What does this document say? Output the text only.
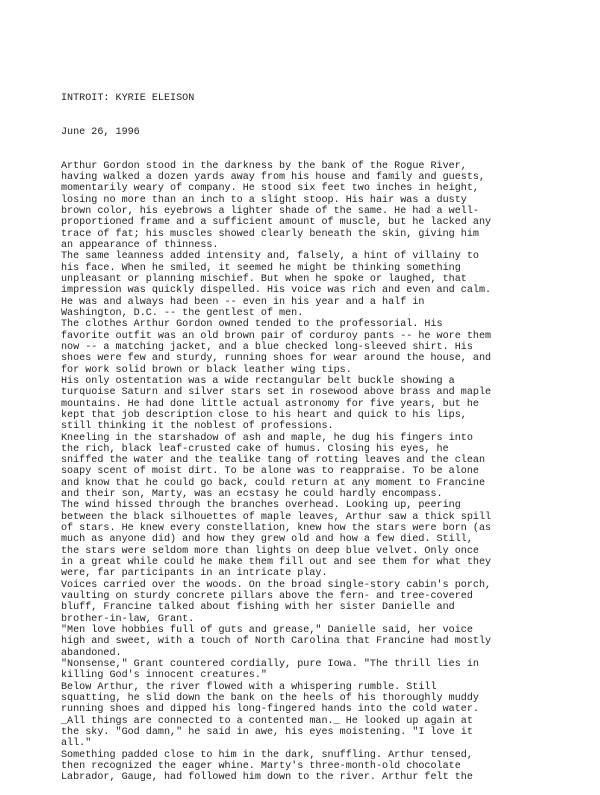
INTROIT: KYRIE ELEISON

June 26, 1996

Arthur Gordon stood in the darkness by the bank of the Rogue River,
having walked a dozen yards away from his house and family and guests,
momentarily weary of company. He stood six feet two inches in height,
losing no more than an inch to a slight stoop. His hair was a dusty
brown color, his eyebrows a lighter shade of the same. He had a well-
proportioned frame and a sufficient amount of muscle, but he lacked any
trace of fat; his muscles showed clearly beneath the skin, giving him
an appearance of thinness.
The same leanness added intensity and, falsely, a hint of villainy to
his face. When he smiled, it seemed he might be thinking something
unpleasant or planning mischief. But when he spoke or laughed, that
impression was quickly dispelled. His voice was rich and even and calm.
He was and always had been -- even in his year and a half in
Washington, D.C. -- the gentlest of men.
The clothes Arthur Gordon owned tended to the professorial. His
favorite outfit was an old brown pair of corduroy pants -- he wore them
now -- a matching jacket, and a blue checked long-sleeved shirt. His
shoes were few and sturdy, running shoes for wear around the house, and
for work solid brown or black leather wing tips.
His only ostentation was a wide rectangular belt buckle showing a
turquoise Saturn and silver stars set in rosewood above brass and maple
mountains. He had done little actual astronomy for five years, but he
kept that job description close to his heart and quick to his lips,
still thinking it the noblest of professions.
Kneeling in the starshadow of ash and maple, he dug his fingers into
the rich, black leaf-crusted cake of humus. Closing his eyes, he
sniffed the water and the tealike tang of rotting leaves and the clean
soapy scent of moist dirt. To be alone was to reappraise. To be alone
and know that he could go back, could return at any moment to Francine
and their son, Marty, was an ecstasy he could hardly encompass.
The wind hissed through the branches overhead. Looking up, peering
between the black silhouettes of maple leaves, Arthur saw a thick spill
of stars. He knew every constellation, knew how the stars were born (as
much as anyone did) and how they grew old and how a few died. Still,
the stars were seldom more than lights on deep blue velvet. Only once
in a great while could he make them fill out and see them for what they
were, far participants in an intricate play.
Voices carried over the woods. On the broad single-story cabin's porch,
vaulting on sturdy concrete pillars above the fern- and tree-covered
bluff, Francine talked about fishing with her sister Danielle and
brother-in-law, Grant.
"Men love hobbies full of guts and grease," Danielle said, her voice
high and sweet, with a touch of North Carolina that Francine had mostly
abandoned.
"Nonsense," Grant countered cordially, pure Iowa. "The thrill lies in
killing God's innocent creatures."
Below Arthur, the river flowed with a whispering rumble. Still
squatting, he slid down the bank on the heels of his thoroughly muddy
running shoes and dipped his long-fingered hands into the cold water.
_All things are connected to a contented man._ He looked up again at
the sky. "God damn," he said in awe, his eyes moistening. "I love it
all."
Something padded close to him in the dark, snuffling. Arthur tensed,
then recognized the eager whine. Marty's three-month-old chocolate
Labrador, Gauge, had followed him down to the river. Arthur felt the
